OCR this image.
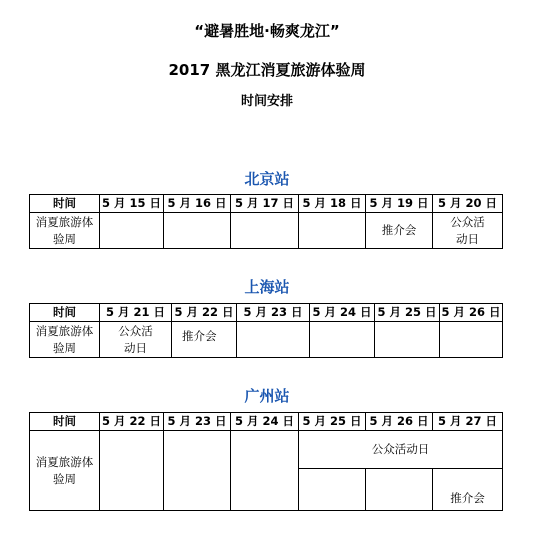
“避暑胜地·畅爽龙江”
2017 黑龙江消夏旅游体验周
时间安排
北京站
时间	5 月 15 日	5 月 16 日	5 月 17 日	5 月 18 日	5 月 19 日	5 月 20 日

消夏旅游体验周					推介会	公众活动日
上海站
时间	5 月 21 日	5 月 22 日	5 月 23 日	5 月 24 日	5 月 25 日	5 月 26 日

消夏旅游体验周	公众活动日	推介会				
广州站
时间	5 月 22 日	5 月 23 日	5 月 24 日	5 月 25 日	5 月 26 日	5 月 27 日

消夏旅游体验周				公众活动日		
						推介会
